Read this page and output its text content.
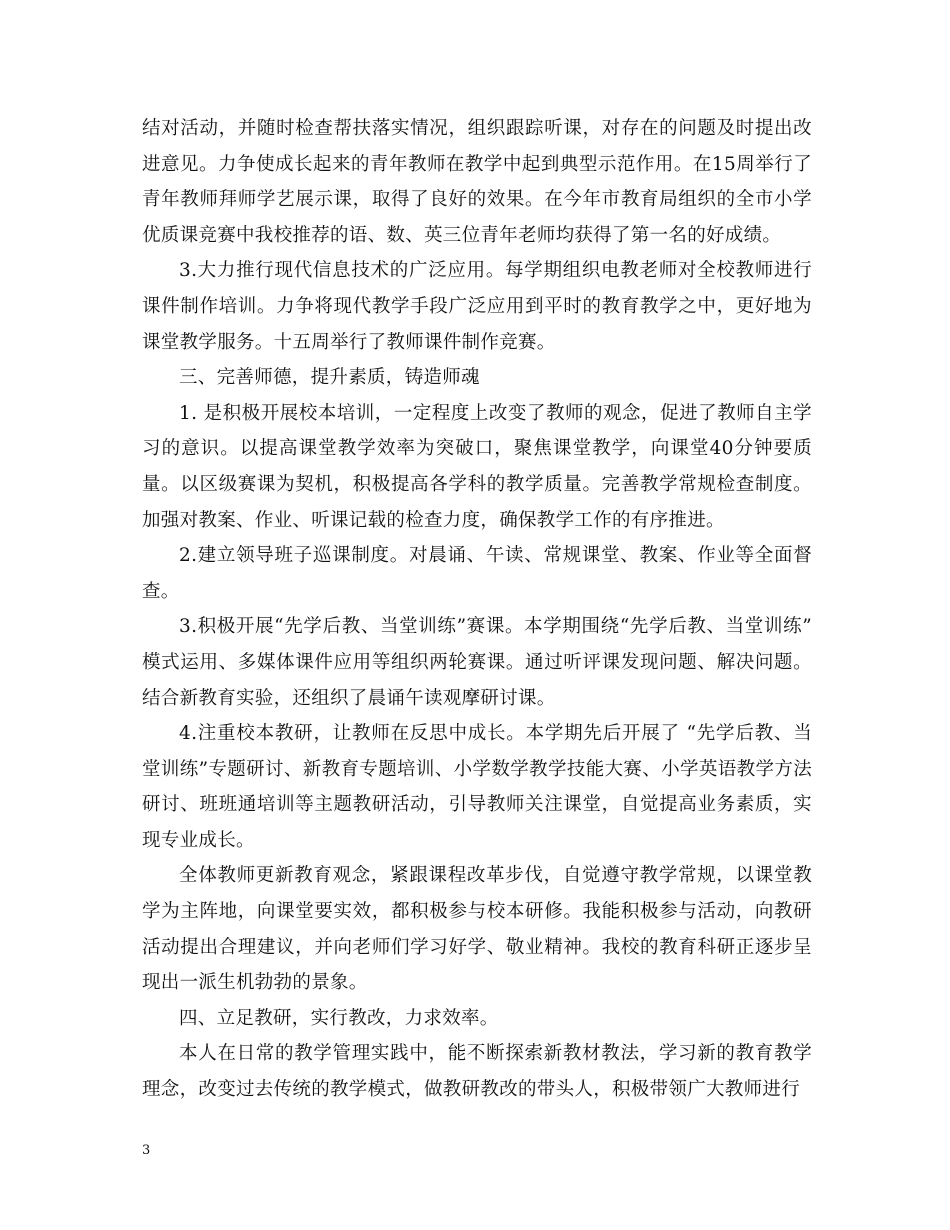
结对活动，并随时检查帮扶落实情况，组织跟踪听课，对存在的问题及时提出改进意见。力争使成长起来的青年教师在教学中起到典型示范作用。在15周举行了青年教师拜师学艺展示课，取得了良好的效果。在今年市教育局组织的全市小学优质课竞赛中我校推荐的语、数、英三位青年老师均获得了第一名的好成绩。

3.大力推行现代信息技术的广泛应用。每学期组织电教老师对全校教师进行课件制作培训。力争将现代教学手段广泛应用到平时的教育教学之中，更好地为课堂教学服务。十五周举行了教师课件制作竞赛。

三、完善师德，提升素质，铸造师魂

1. 是积极开展校本培训，一定程度上改变了教师的观念，促进了教师自主学习的意识。以提高课堂教学效率为突破口，聚焦课堂教学，向课堂40分钟要质量。以区级赛课为契机，积极提高各学科的教学质量。完善教学常规检查制度。加强对教案、作业、听课记载的检查力度，确保教学工作的有序推进。

2.建立领导班子巡课制度。对晨诵、午读、常规课堂、教案、作业等全面督查。

3.积极开展“先学后教、当堂训练”赛课。本学期围绕“先学后教、当堂训练” 模式运用、多媒体课件应用等组织两轮赛课。通过听评课发现问题、解决问题。结合新教育实验，还组织了晨诵午读观摩研讨课。

4.注重校本教研，让教师在反思中成长。本学期先后开展了 “先学后教、当堂训练”专题研讨、新教育专题培训、小学数学教学技能大赛、小学英语教学方法研讨、班班通培训等主题教研活动，引导教师关注课堂，自觉提高业务素质，实现专业成长。

全体教师更新教育观念，紧跟课程改革步伐，自觉遵守教学常规，以课堂教学为主阵地，向课堂要实效，都积极参与校本研修。我能积极参与活动，向教研活动提出合理建议，并向老师们学习好学、敬业精神。我校的教育科研正逐步呈现出一派生机勃勃的景象。

四、立足教研，实行教改，力求效率。

本人在日常的教学管理实践中，能不断探索新教材教法，学习新的教育教学理念，改变过去传统的教学模式，做教研教改的带头人，积极带领广大教师进行

3
